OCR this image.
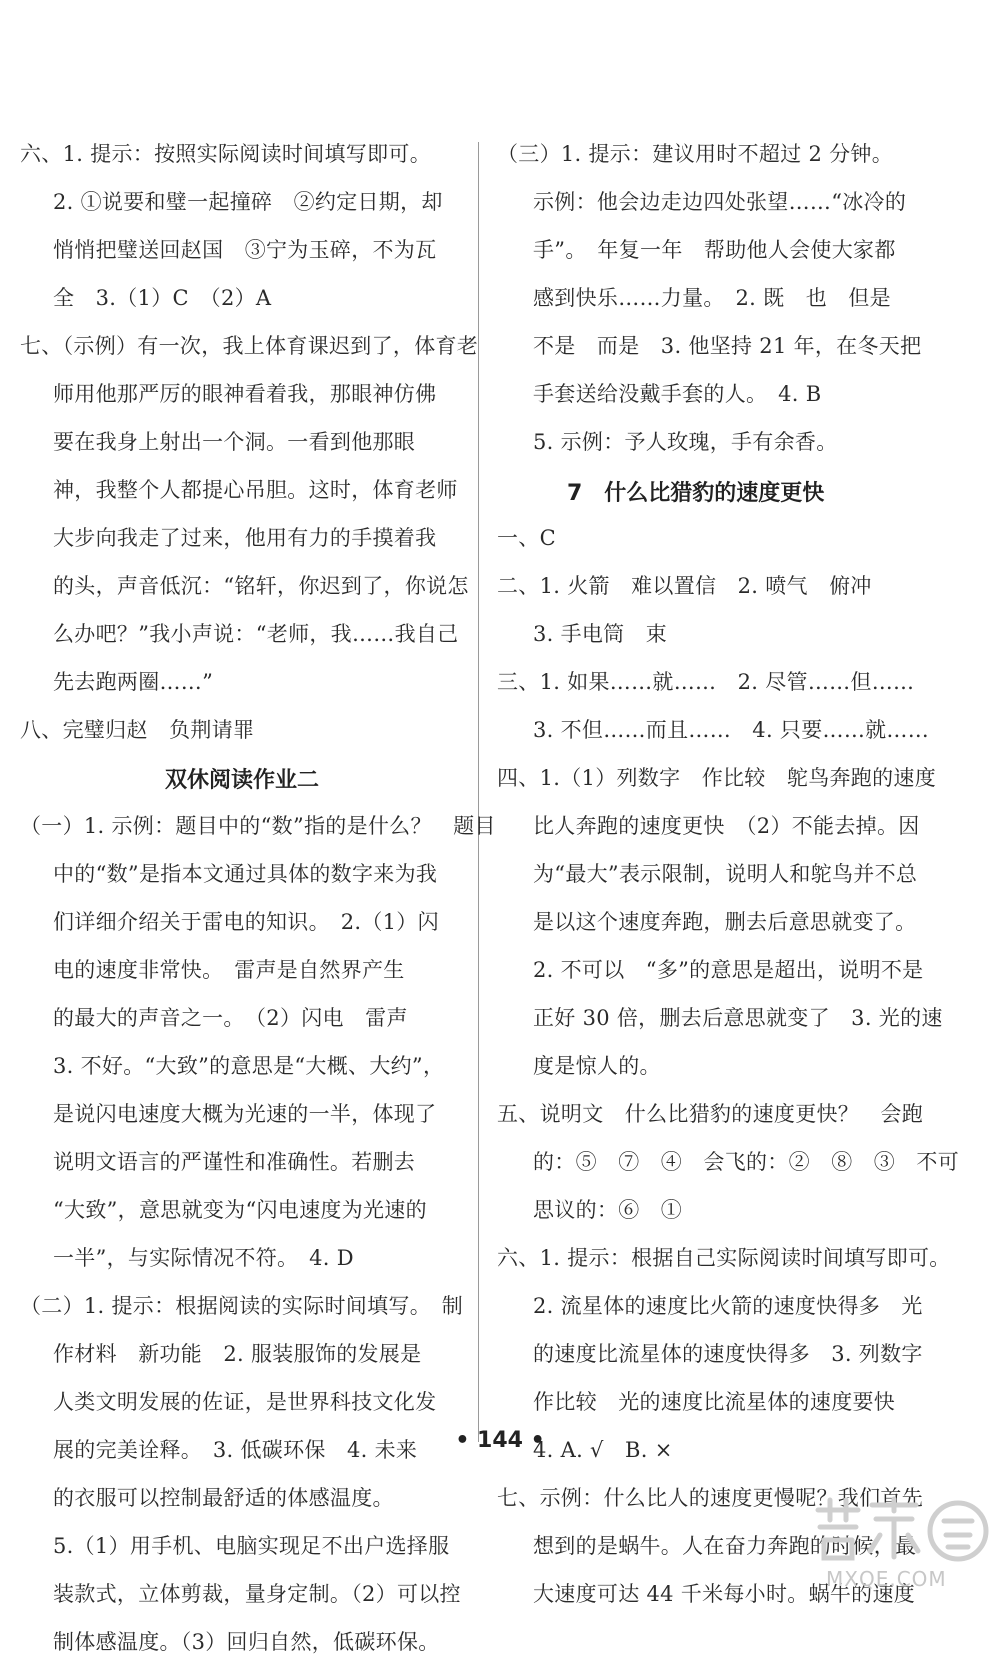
六、1. 提示：按照实际阅读时间填写即可。
2. ①说要和璧一起撞碎　②约定日期，却
悄悄把璧送回赵国　③宁为玉碎，不为瓦
全　3.（1）C　（2）A
七、（示例）有一次，我上体育课迟到了，体育老
师用他那严厉的眼神看着我，那眼神仿佛
要在我身上射出一个洞。一看到他那眼
神，我整个人都提心吊胆。这时，体育老师
大步向我走了过来，他用有力的手摸着我
的头，声音低沉：“铭轩，你迟到了，你说怎
么办吧？”我小声说：“老师，我……我自己
先去跑两圈……”
八、完璧归赵　负荆请罪
双休阅读作业二
（一）1. 示例：题目中的“数”指的是什么？　题目
中的“数”是指本文通过具体的数字来为我
们详细介绍关于雷电的知识。　2.（1）闪
电的速度非常快。　雷声是自然界产生
的最大的声音之一。　（2）闪电　雷声
3. 不好。“大致”的意思是“大概、大约”，
是说闪电速度大概为光速的一半，体现了
说明文语言的严谨性和准确性。若删去
“大致”，意思就变为“闪电速度为光速的
一半”，与实际情况不符。　4. D
（二）1. 提示：根据阅读的实际时间填写。　制
作材料　新功能　2. 服装服饰的发展是
人类文明发展的佐证，是世界科技文化发
展的完美诠释。　3. 低碳环保　4. 未来
的衣服可以控制最舒适的体感温度。
5.（1）用手机、电脑实现足不出户选择服
装款式，立体剪裁，量身定制。（2）可以控
制体感温度。（3）回归自然，低碳环保。
（三）1. 提示：建议用时不超过 2 分钟。
示例：他会边走边四处张望……“冰冷的
手”。　年复一年　帮助他人会使大家都
感到快乐……力量。　2. 既　也　但是
不是　而是　3. 他坚持 21 年，在冬天把
手套送给没戴手套的人。　4. B
5. 示例：予人玫瑰，手有余香。
7　什么比猎豹的速度更快
一、C
二、1. 火箭　难以置信　2. 喷气　俯冲
3. 手电筒　束
三、1. 如果……就……　2. 尽管……但……
3. 不但……而且……　4. 只要……就……
四、1.（1）列数字　作比较　鸵鸟奔跑的速度
比人奔跑的速度更快　（2）不能去掉。因
为“最大”表示限制，说明人和鸵鸟并不总
是以这个速度奔跑，删去后意思就变了。
2. 不可以　“多”的意思是超出，说明不是
正好 30 倍，删去后意思就变了　3. 光的速
度是惊人的。
五、说明文　什么比猎豹的速度更快？　会跑
的：⑤　⑦　④　会飞的：②　⑧　③　不可
思议的：⑥　①
六、1. 提示：根据自己实际阅读时间填写即可。
2. 流星体的速度比火箭的速度快得多　光
的速度比流星体的速度快得多　3. 列数字
作比较　光的速度比流星体的速度要快
4. A. √　B. ×
七、示例：什么比人的速度更慢呢？我们首先
想到的是蜗牛。人在奋力奔跑的时候，最
大速度可达 44 千米每小时。蜗牛的速度
• 144 •
MXQE.COM
